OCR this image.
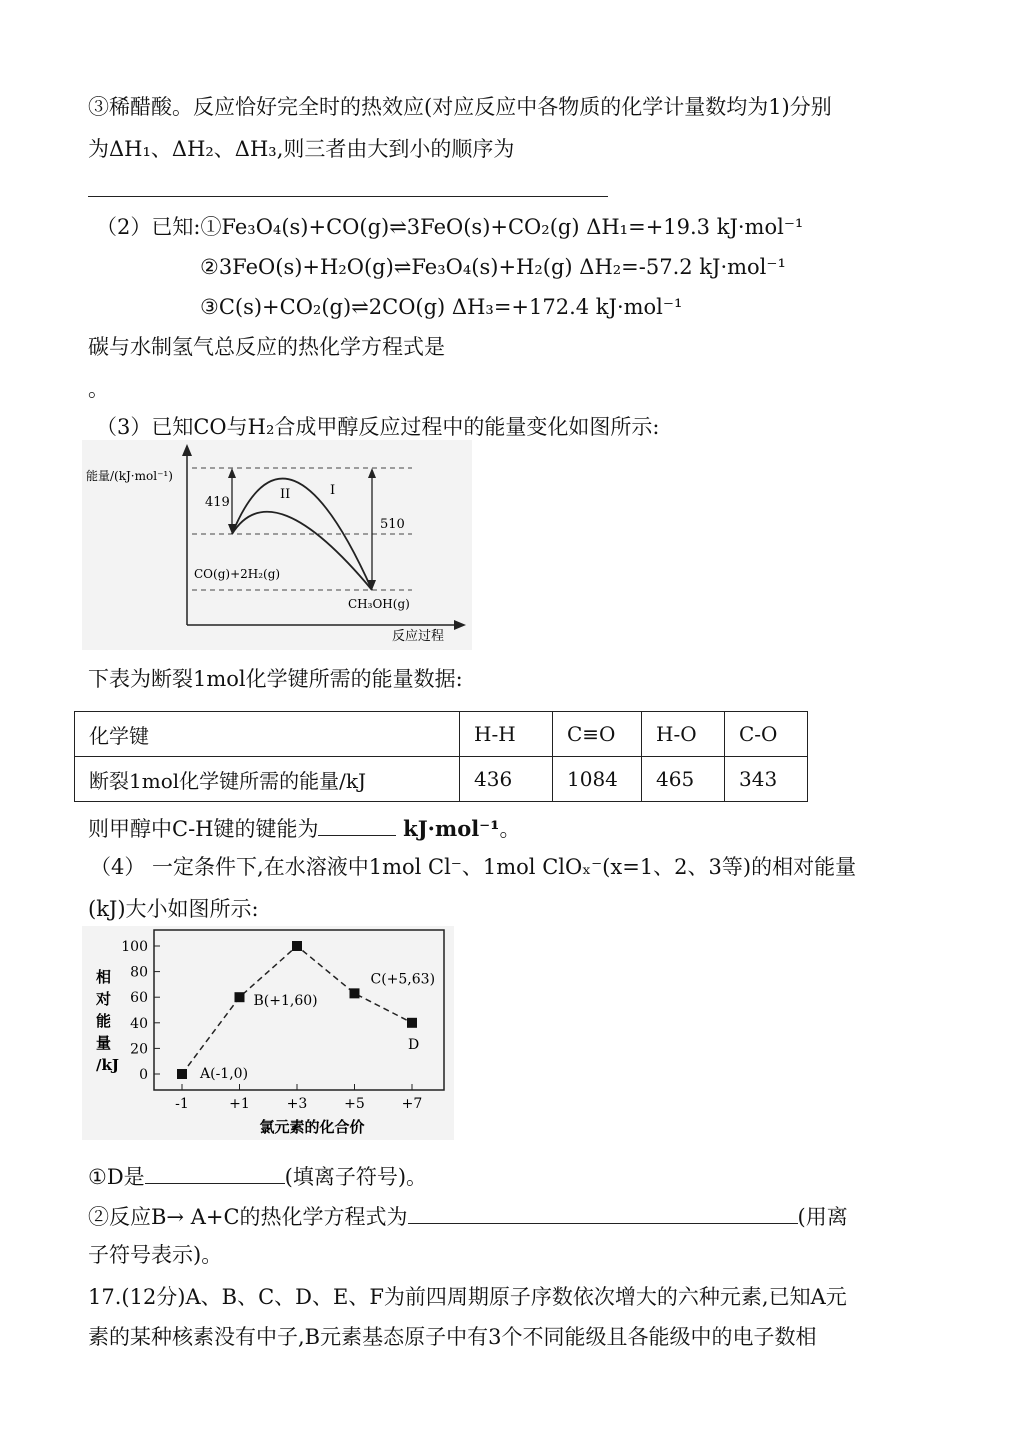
③稀醋酸。反应恰好完全时的热效应(对应反应中各物质的化学计量数均为1)分别
为ΔH₁、ΔH₂、ΔH₃,则三者由大到小的顺序为
（2）已知:①Fe₃O₄(s)+CO(g)⇌3FeO(s)+CO₂(g) ΔH₁=+19.3 kJ·mol⁻¹
②3FeO(s)+H₂O(g)⇌Fe₃O₄(s)+H₂(g) ΔH₂=-57.2 kJ·mol⁻¹
③C(s)+CO₂(g)⇌2CO(g) ΔH₃=+172.4 kJ·mol⁻¹
碳与水制氢气总反应的热化学方程式是
。
（3）已知CO与H₂合成甲醇反应过程中的能量变化如图所示:
能量/(kJ·mol⁻¹)
419
510
I
II
CO(g)+2H₂(g)
CH₃OH(g)
反应过程
下表为断裂1mol化学键所需的能量数据:
化学键	H-H	C≡O	H-O	C-O
断裂1mol化学键所需的能量/kJ	436	1084	465	343
则甲醇中C-H键的键能为	kJ·mol⁻¹。
（4） 一定条件下,在水溶液中1mol Cl⁻、1mol ClOₓ⁻(x=1、2、3等)的相对能量
(kJ)大小如图所示:
氯元素的化合价
相
对
能
量
/kJ
0
20
40
60
80
100
-1	+1	+3	+5	+7
A(-1,0)
B(+1,60)
C(+5,63)
D
①D是	(填离子符号)。
②反应B→ A+C的热化学方程式为	(用离
子符号表示)。
17.(12分)A、B、C、D、E、F为前四周期原子序数依次增大的六种元素,已知A元
素的某种核素没有中子,B元素基态原子中有3个不同能级且各能级中的电子数相
